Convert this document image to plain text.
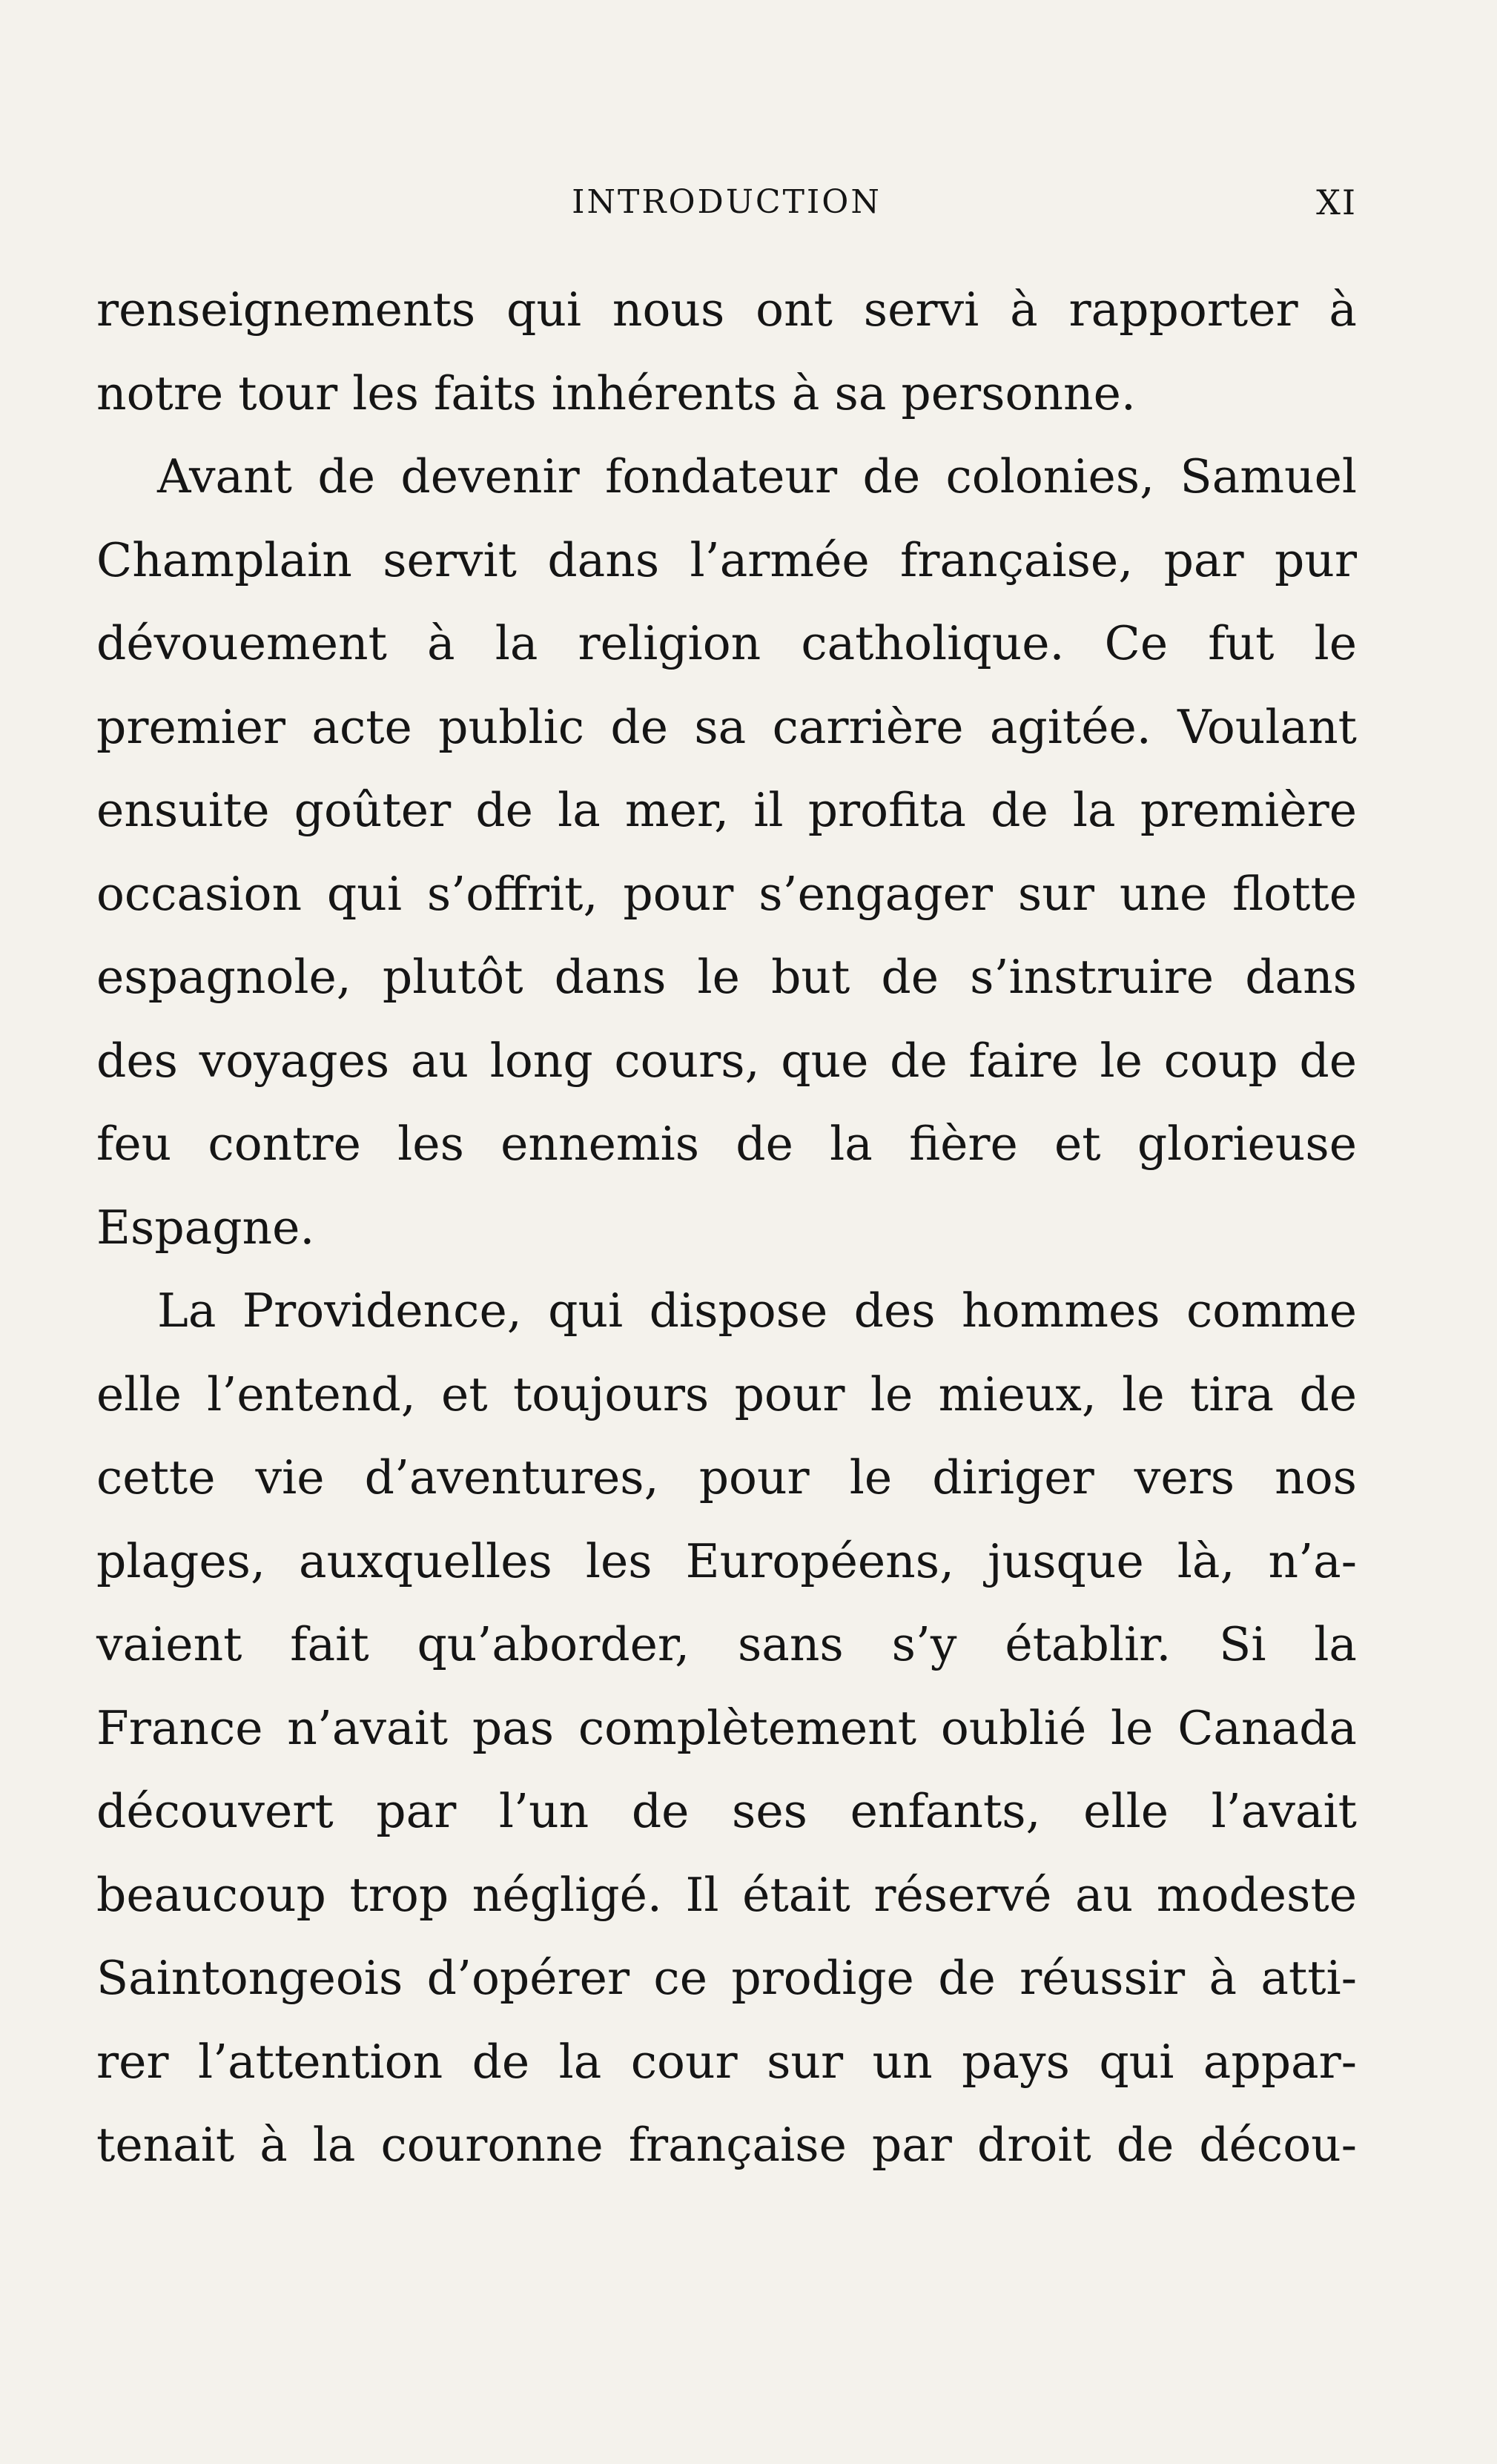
INTRODUCTION	XI
renseignements qui nous ont servi à rapporter à
notre tour les faits inhérents à sa personne.
Avant de devenir fondateur de colonies, Samuel
Champlain servit dans l’armée française, par pur
dévouement à la religion catholique. Ce fut le
premier acte public de sa carrière agitée. Voulant
ensuite goûter de la mer, il profita de la première
occasion qui s’offrit, pour s’engager sur une flotte
espagnole, plutôt dans le but de s’instruire dans
des voyages au long cours, que de faire le coup de
feu contre les ennemis de la fière et glorieuse
Espagne.
La Providence, qui dispose des hommes comme
elle l’entend, et toujours pour le mieux, le tira de
cette vie d’aventures, pour le diriger vers nos
plages, auxquelles les Européens, jusque là, n’a-
vaient fait qu’aborder, sans s’y établir. Si la
France n’avait pas complètement oublié le Canada
découvert par l’un de ses enfants, elle l’avait
beaucoup trop négligé. Il était réservé au modeste
Saintongeois d’opérer ce prodige de réussir à atti-
rer l’attention de la cour sur un pays qui appar-
tenait à la couronne française par droit de décou-
